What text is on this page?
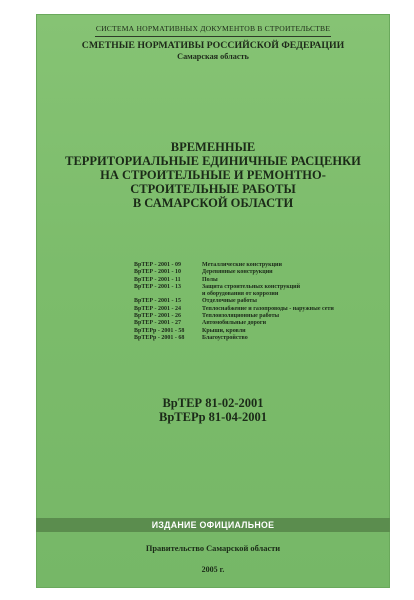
СИСТЕМА НОРМАТИВНЫХ ДОКУМЕНТОВ В СТРОИТЕЛЬСТВЕ
СМЕТНЫЕ НОРМАТИВЫ РОССИЙСКОЙ ФЕДЕРАЦИИ
Самарская область
ВРЕМЕННЫЕ
ТЕРРИТОРИАЛЬНЫЕ ЕДИНИЧНЫЕ РАСЦЕНКИ
НА СТРОИТЕЛЬНЫЕ И РЕМОНТНО-
СТРОИТЕЛЬНЫЕ РАБОТЫ
В САМАРСКОЙ ОБЛАСТИ
ВрТЕР - 2001 - 09	Металлические конструкции
ВрТЕР - 2001 - 10	Деревянные конструкции
ВрТЕР - 2001 - 11	Полы
ВрТЕР - 2001 - 13	Защита строительных конструкций
и оборудования от коррозии
ВрТЕР - 2001 - 15	Отделочные работы
ВрТЕР - 2001 - 24	Теплоснабжение и газопроводы - наружные сети
ВрТЕР - 2001 - 26	Теплоизоляционные работы
ВрТЕР - 2001 - 27	Автомобильные дороги
ВрТЕРр - 2001 - 58	Крыши, кровли
ВрТЕРр - 2001 - 68	Благоустройство
ВрТЕР 81-02-2001
ВрТЕРр 81-04-2001
ИЗДАНИЕ ОФИЦИАЛЬНОЕ
Правительство Самарской области
2005 г.
